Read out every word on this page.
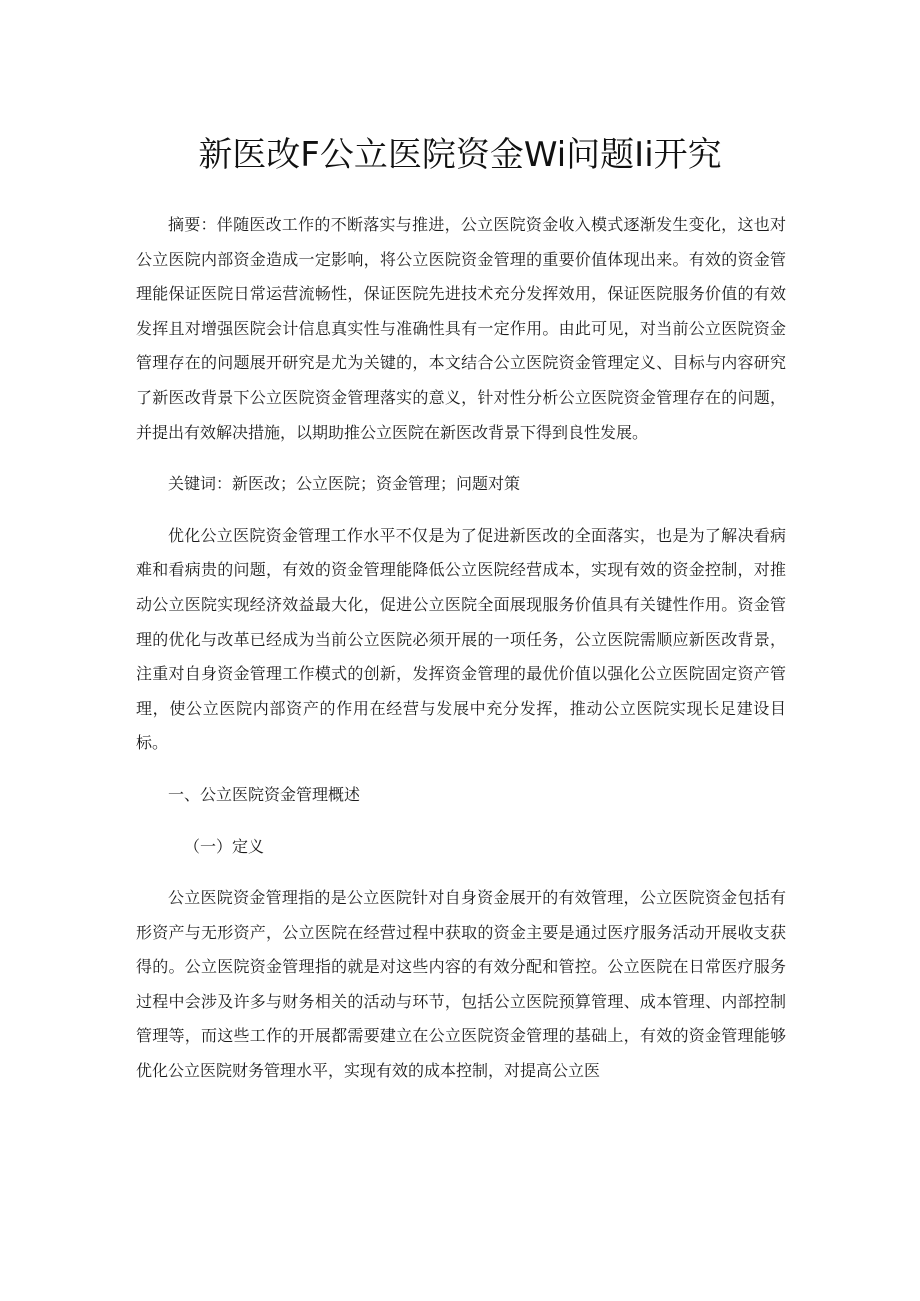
新医改F公立医院资金Wi问题Ii开究

摘要：伴随医改工作的不断落实与推进，公立医院资金收入模式逐渐发生变化，这也对公立医院内部资金造成一定影响，将公立医院资金管理的重要价值体现出来。有效的资金管理能保证医院日常运营流畅性，保证医院先进技术充分发挥效用，保证医院服务价值的有效发挥且对增强医院会计信息真实性与准确性具有一定作用。由此可见，对当前公立医院资金管理存在的问题展开研究是尤为关键的，本文结合公立医院资金管理定义、目标与内容研究了新医改背景下公立医院资金管理落实的意义，针对性分析公立医院资金管理存在的问题，并提出有效解决措施，以期助推公立医院在新医改背景下得到良性发展。

关键词：新医改；公立医院；资金管理；问题对策

优化公立医院资金管理工作水平不仅是为了促进新医改的全面落实，也是为了解决看病难和看病贵的问题，有效的资金管理能降低公立医院经营成本，实现有效的资金控制，对推动公立医院实现经济效益最大化，促进公立医院全面展现服务价值具有关键性作用。资金管理的优化与改革已经成为当前公立医院必须开展的一项任务，公立医院需顺应新医改背景，注重对自身资金管理工作模式的创新，发挥资金管理的最优价值以强化公立医院固定资产管理，使公立医院内部资产的作用在经营与发展中充分发挥，推动公立医院实现长足建设目标。

一、公立医院资金管理概述

（一）定义

公立医院资金管理指的是公立医院针对自身资金展开的有效管理，公立医院资金包括有形资产与无形资产，公立医院在经营过程中获取的资金主要是通过医疗服务活动开展收支获得的。公立医院资金管理指的就是对这些内容的有效分配和管控。公立医院在日常医疗服务过程中会涉及许多与财务相关的活动与环节，包括公立医院预算管理、成本管理、内部控制管理等，而这些工作的开展都需要建立在公立医院资金管理的基础上，有效的资金管理能够优化公立医院财务管理水平，实现有效的成本控制，对提高公立医
